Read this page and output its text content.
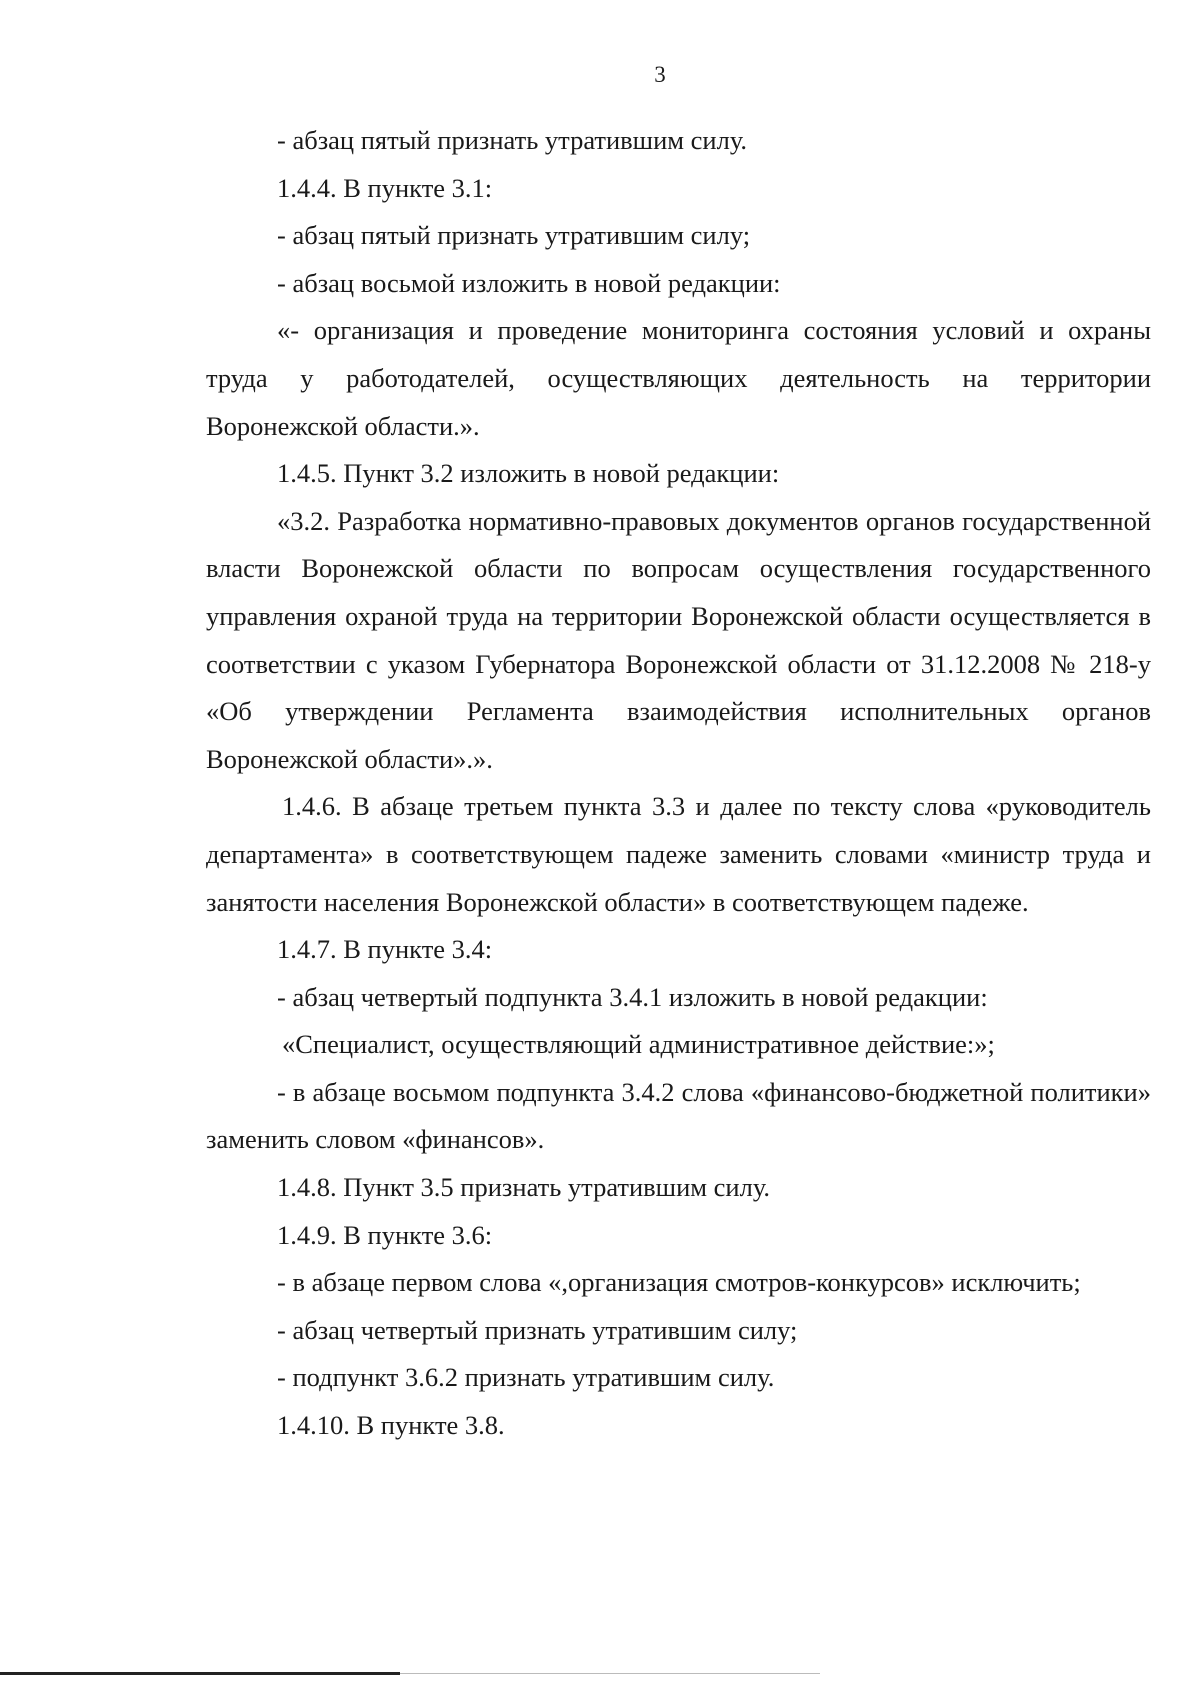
3

- абзац пятый признать утратившим силу.

1.4.4. В пункте 3.1:

- абзац пятый признать утратившим силу;

- абзац восьмой изложить в новой редакции:

«- организация и проведение мониторинга состояния условий и охраны труда у работодателей, осуществляющих деятельность на территории Воронежской области.».

1.4.5. Пункт 3.2 изложить в новой редакции:

«3.2. Разработка нормативно-правовых документов органов государственной власти Воронежской области по вопросам осуществления государственного управления охраной труда на территории Воронежской области осуществляется в соответствии с указом Губернатора Воронежской области от 31.12.2008 № 218-у «Об утверждении Регламента взаимодействия исполнительных органов Воронежской области».».

1.4.6. В абзаце третьем пункта 3.3 и далее по тексту слова «руководитель департамента» в соответствующем падеже заменить словами «министр труда и занятости населения Воронежской области» в соответствующем падеже.

1.4.7. В пункте 3.4:

- абзац четвертый подпункта 3.4.1 изложить в новой редакции:

«Специалист, осуществляющий административное действие:»;

- в абзаце восьмом подпункта 3.4.2 слова «финансово-бюджетной политики» заменить словом «финансов».

1.4.8. Пункт 3.5 признать утратившим силу.

1.4.9. В пункте 3.6:

- в абзаце первом слова «,организация смотров-конкурсов» исключить;

- абзац четвертый признать утратившим силу;

- подпункт 3.6.2 признать утратившим силу.

1.4.10. В пункте 3.8.
